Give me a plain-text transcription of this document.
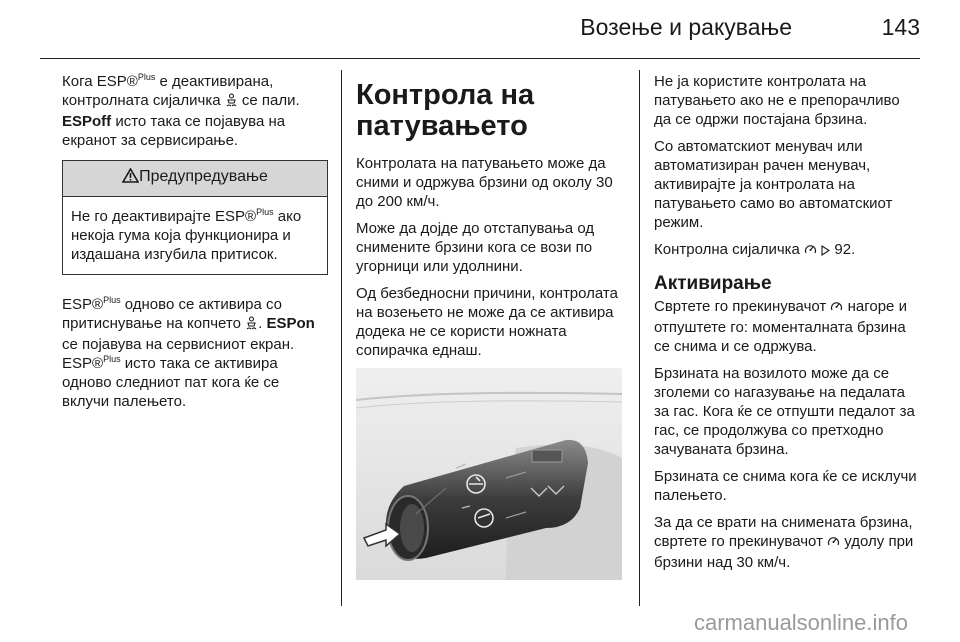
Возење и ракување	143

Кога ESP®$^{Plus}$ е деактивирана, контролната сијаличка  се пали. ESPoff исто така се појавува на екранот за сервисирање.

Предупредување
Не го деактивирајте ESP®$^{Plus}$ ако некоја гума која функционира и издашана изгубила притисок.

ESP®$^{Plus}$ одново се активира со притиснување на копчето . ESPon се појавува на сервисниот екран. ESP®$^{Plus}$ исто така се активира одново следниот пат кога ќе се вклучи палењето.

Контрола на патувањето

Контролата на патувањето може да сними и одржува брзини од околу 30 до 200 км/ч.

Може да дојде до отстапувања од снимените брзини кога се вози по угорници или удолнини.

Од безбедносни причини, контролата на возењето не може да се активира додека не се користи ножната сопирачка еднаш.

Не ја користите контролата на патувањето ако не е препорачливо да се одржи постајана брзина.

Со автоматскиот менувач или автоматизиран рачен менувач, активирајте ја контролата на патувањето само во автоматскиот режим.

Контролна сијаличка 92.

Активирање

Свртете го прекинувачот  нагоре и отпуштете го: моменталната брзина се снима и се одржува.

Брзината на возилото може да се зголеми со нагазување на педалата за гас. Кога ќе се отпушти педалот за гас, се продолжува со претходно зачуваната брзина.

Брзината се снима кога ќе се исклучи палењето.

За да се врати на снимената брзина, свртете го прекинувачот удолу при брзини над 30 км/ч.

carmanualsonline.info
